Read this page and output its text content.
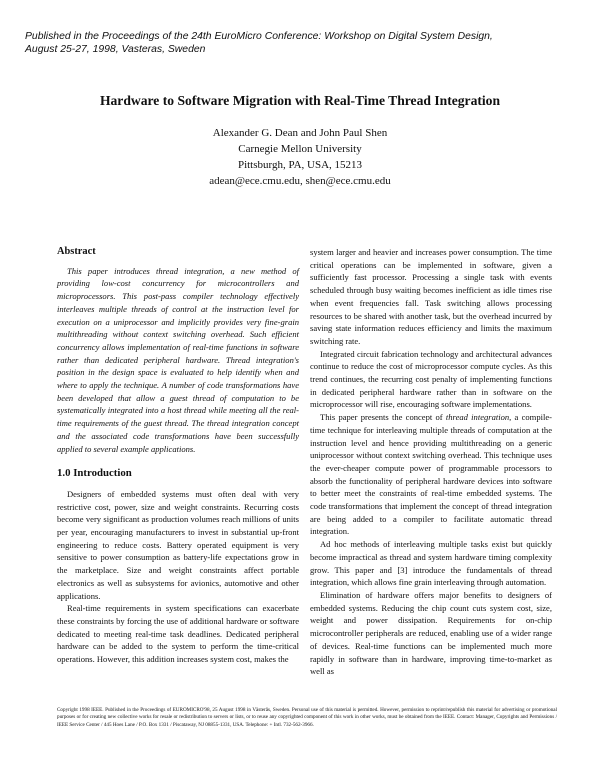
Published in the Proceedings of the 24th EuroMicro Conference: Workshop on Digital System Design,
August 25-27, 1998, Vasteras, Sweden
Hardware to Software Migration with Real-Time Thread Integration
Alexander G. Dean and John Paul Shen
Carnegie Mellon University
Pittsburgh, PA, USA, 15213
adean@ece.cmu.edu, shen@ece.cmu.edu
Abstract

This paper introduces thread integration, a new method of providing low-cost concurrency for microcontrollers and microprocessors. This post-pass compiler technology effectively interleaves multiple threads of control at the instruction level for execution on a uniprocessor and implicitly provides very fine-grain multithreading without context switching overhead. Such efficient concurrency allows implementation of real-time functions in software rather than dedicated peripheral hardware. Thread integration's position in the design space is evaluated to help identify when and where to apply the technique. A number of code transformations have been developed that allow a guest thread of computation to be systematically integrated into a host thread while meeting all the real-time requirements of the guest thread. The thread integration concept and the associated code transformations have been successfully applied to several example applications.

1.0 Introduction

Designers of embedded systems must often deal with very restrictive cost, power, size and weight constraints. Recurring costs become very significant as production volumes reach millions of units per year, encouraging manufacturers to invest in substantial up-front engineering to reduce costs. Battery operated equipment is very sensitive to power consumption as battery-life expectations grow in the marketplace. Size and weight constraints affect portable electronics as well as subsystems for avionics, automotive and other applications.

Real-time requirements in system specifications can exacerbate these constraints by forcing the use of additional hardware or software dedicated to meeting real-time task deadlines. Dedicated peripheral hardware can be added to the system to perform the time-critical operations. However, this addition increases system cost, makes the

system larger and heavier and increases power consumption. The time critical operations can be implemented in software, given a sufficiently fast processor. Processing a single task with events scheduled through busy waiting becomes inefficient as idle times rise when event frequencies fall. Task switching allows processing resources to be shared with another task, but the overhead incurred by saving state information reduces efficiency and limits the maximum switching rate.

Integrated circuit fabrication technology and architectural advances continue to reduce the cost of microprocessor compute cycles. As this trend continues, the recurring cost penalty of implementing functions in dedicated peripheral hardware rather than in software on the microprocessor will rise, encouraging software implementations.

This paper presents the concept of thread integration, a compile-time technique for interleaving multiple threads of computation at the instruction level and hence providing multithreading on a generic uniprocessor without context switching overhead. This technique uses the ever-cheaper compute power of programmable processors to absorb the functionality of peripheral hardware devices into software to better meet the constraints of real-time embedded systems. The code transformations that implement the concept of thread integration are being added to a compiler to facilitate automatic thread integration.

Ad hoc methods of interleaving multiple tasks exist but quickly become impractical as thread and system hardware timing complexity grow. This paper and [3] introduce the fundamentals of thread integration, which allows fine grain interleaving through automation.

Elimination of hardware offers major benefits to designers of embedded systems. Reducing the chip count cuts system cost, size, weight and power dissipation. Requirements for on-chip microcontroller peripherals are reduced, enabling use of a wider range of devices. Real-time functions can be implemented much more rapidly in software than in hardware, improving time-to-market as well as

Copyright 1998 IEEE. Published in the Proceedings of EUROMICRO'98, 25 August 1998 in Västerås, Sweden. Personal use of this material is permitted. However, permission to reprint/republish this material for advertising or promotional purposes or for creating new collective works for resale or redistribution to servers or lists, or to reuse any copyrighted component of this work in other works, must be obtained from the IEEE. Contact: Manager, Copyrights and Permissions / IEEE Service Center / 445 Hoes Lane / P.O. Box 1331 / Piscataway, NJ 08855-1331, USA. Telephone: + Intl. 732-562-3966.
